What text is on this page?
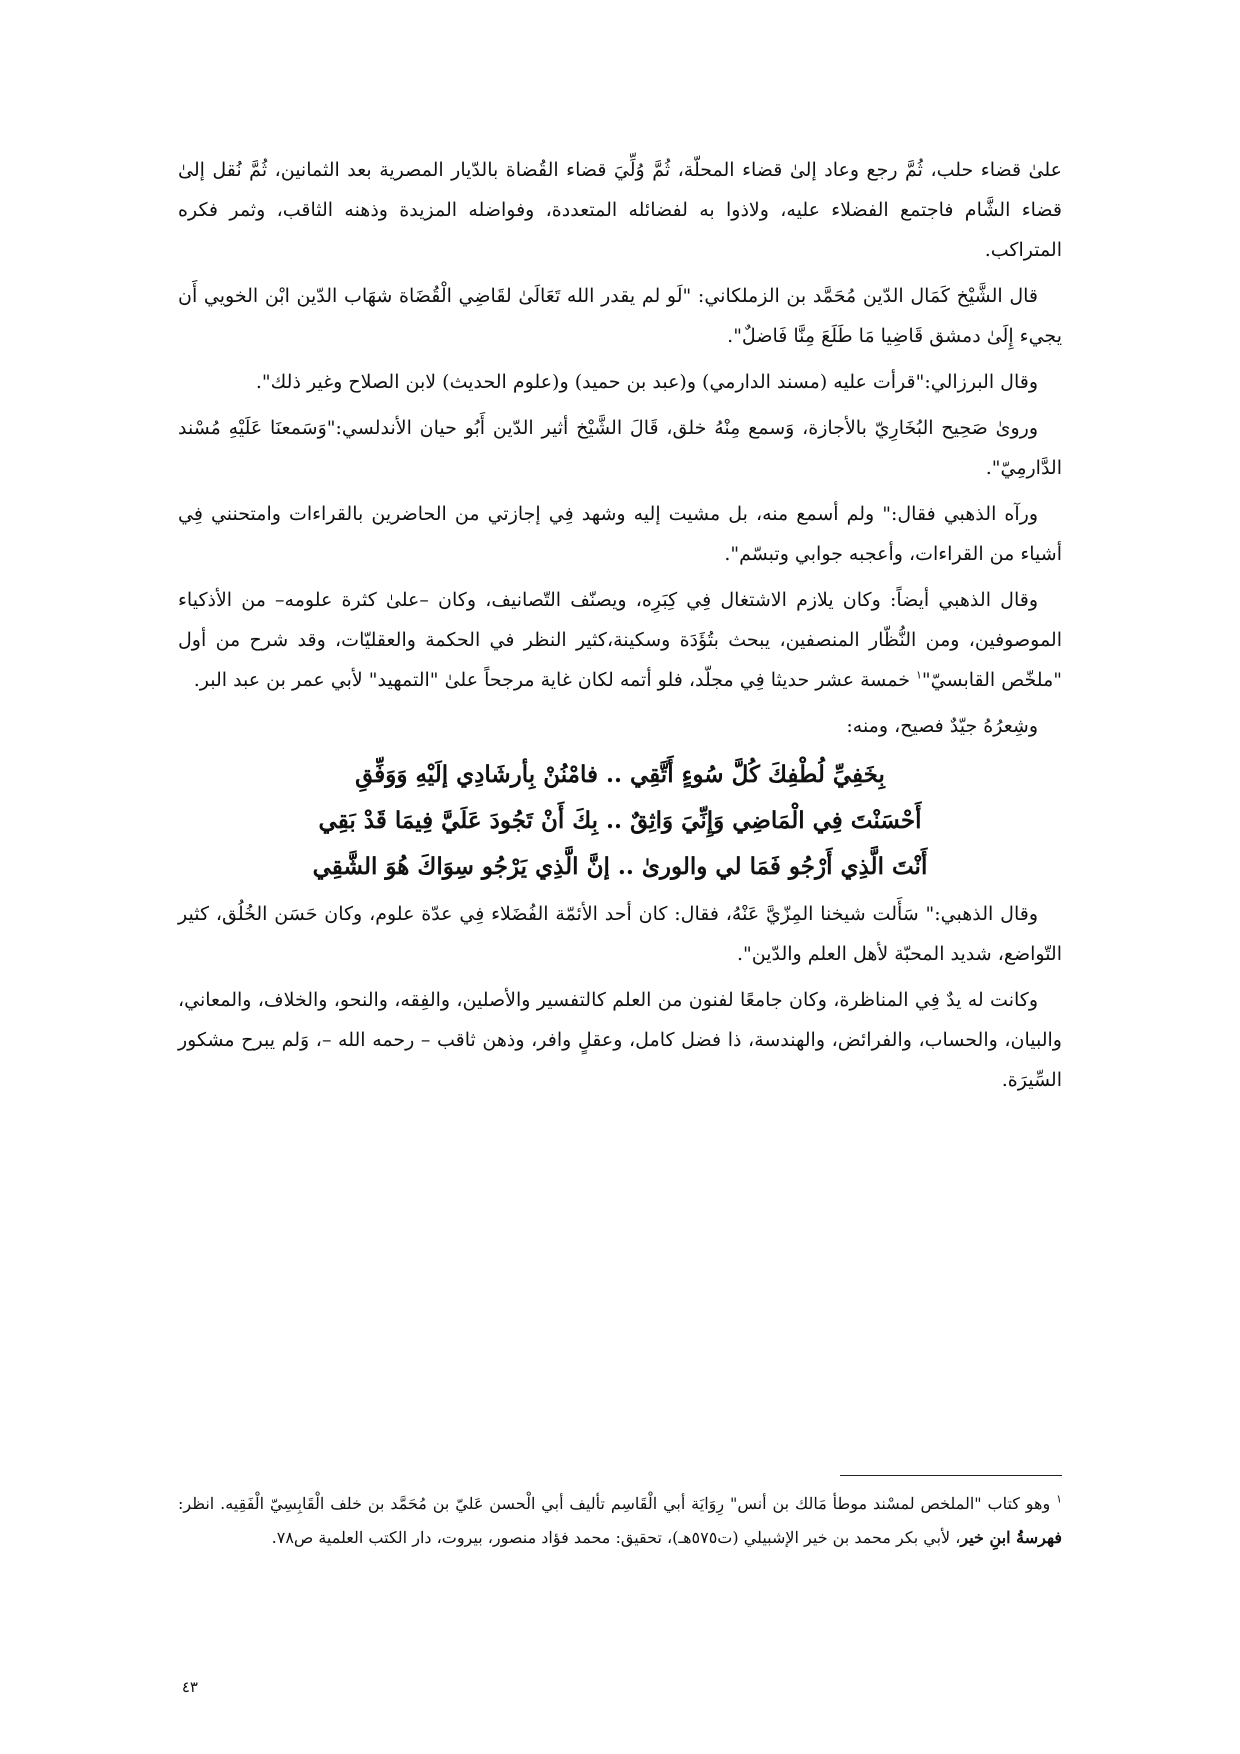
علىٰ قضاء حلب، ثُمَّ رجع وعاد إلىٰ قضاء المحلّة، ثُمَّ وُلِّيَ قضاء القُضاة بالدّيار المصرية بعد الثمانين، ثُمَّ نُقل إلىٰ قضاء الشَّام فاجتمع الفضلاء عليه، ولاذوا به لفضائله المتعددة، وفواضله المزيدة وذهنه الثاقب، وثمر فكره المتراكب.

قال الشَّيْخ كَمَال الدّين مُحَمَّد بن الزملكاني: "لَو لم يقدر الله تَعَالَىٰ لقَاضِي الْقُضَاة شهَاب الدّين ابْن الخويي أَن يجيء إِلَىٰ دمشق قَاضِيا مَا طَلَعَ مِنَّا فَاضلٌ".

وقال البرزالي:"قرأت عليه (مسند الدارمي) و(عبد بن حميد) و(علوم الحديث) لابن الصلاح وغير ذلك".

وروىٰ صَحِيح البُخَارِيّ بالأجازة، وَسمع مِنْهُ خلق، قَالَ الشَّيْخ أثير الدّين أَبُو حيان الأندلسي:"وَسَمعنَا عَلَيْهِ مُسْند الدَّارمِيّ".

ورآه الذهبي فقال:" ولم أسمع منه، بل مشيت إليه وشهد فِي إجازتي من الحاضرين بالقراءات وامتحنني فِي أشياء من القراءات، وأعجبه جوابي وتبسّم".

وقال الذهبي أيضاً: وكان يلازم الاشتغال فِي كِبَرِه، ويصنّف التّصانيف، وكان –علىٰ كثرة علومه– من الأذكياء الموصوفين، ومن النُّظّار المنصفين، يبحث بتُؤَدَة وسكينة،كثير النظر في الحكمة والعقليّات، وقد شرح من أول "ملخّص القابسيّ"$^١$ خمسة عشر حديثا فِي مجلّد، فلو أتمه لكان غاية مرجحاً علىٰ "التمهيد" لأبي عمر بن عبد البر.

وشِعرُهُ جيّدٌ فصيح، ومنه:

بِخَفِيِّ لُطْفِكَ كُلَّ سُوءٍ أَتَّقِي .. فامْنُنْ بِأرشَادِي إلَيْهِ وَوَفِّقِ
أَحْسَنْتَ فِي الْمَاضِي وَإِنِّيَ وَاثِقٌ .. بِكَ أَنْ تَجُودَ عَلَيَّ فِيمَا قَدْ بَقِي
أَنْتَ الَّذِي أَرْجُو فَمَا لي والورىٰ .. إنَّ الَّذِي يَرْجُو سِوَاكَ هُوَ الشَّقِي

وقال الذهبي:" سَأَلت شيخنا المِزّيَّ عَنْهُ، فقال: كان أحد الأئمّة الفُضَلاء فِي عدّة علوم، وكان حَسَن الخُلُق، كثير التّواضع، شديد المحبّة لأهل العلم والدّين".

وكانت له يدٌ فِي المناظرة، وكان جامعًا لفنون من العلم كالتفسير والأصلين، والفِقه، والنحو، والخلاف، والمعاني، والبيان، والحساب، والفرائض، والهندسة، ذا فضل كامل، وعقلٍ وافر، وذهن ثاقب – رحمه الله –، وَلم يبرح مشكور السِّيرَة.

$^١$ وهو كتاب "الملخص لمسْند موطأ مَالك بن أنس" رِوَايَة أبي الْقَاسِم تأليف أبي الْحسن عَليّ بن مُحَمَّد بن خلف الْقَابِسِيّ الْفَقِيه. انظر: فهرسةُ ابنِ خير، لأبي بكر محمد بن خير الإشبيلي (ت٥٧٥هـ)، تحقيق: محمد فؤاد منصور، بيروت، دار الكتب العلمية ص٧٨.

٤٣
